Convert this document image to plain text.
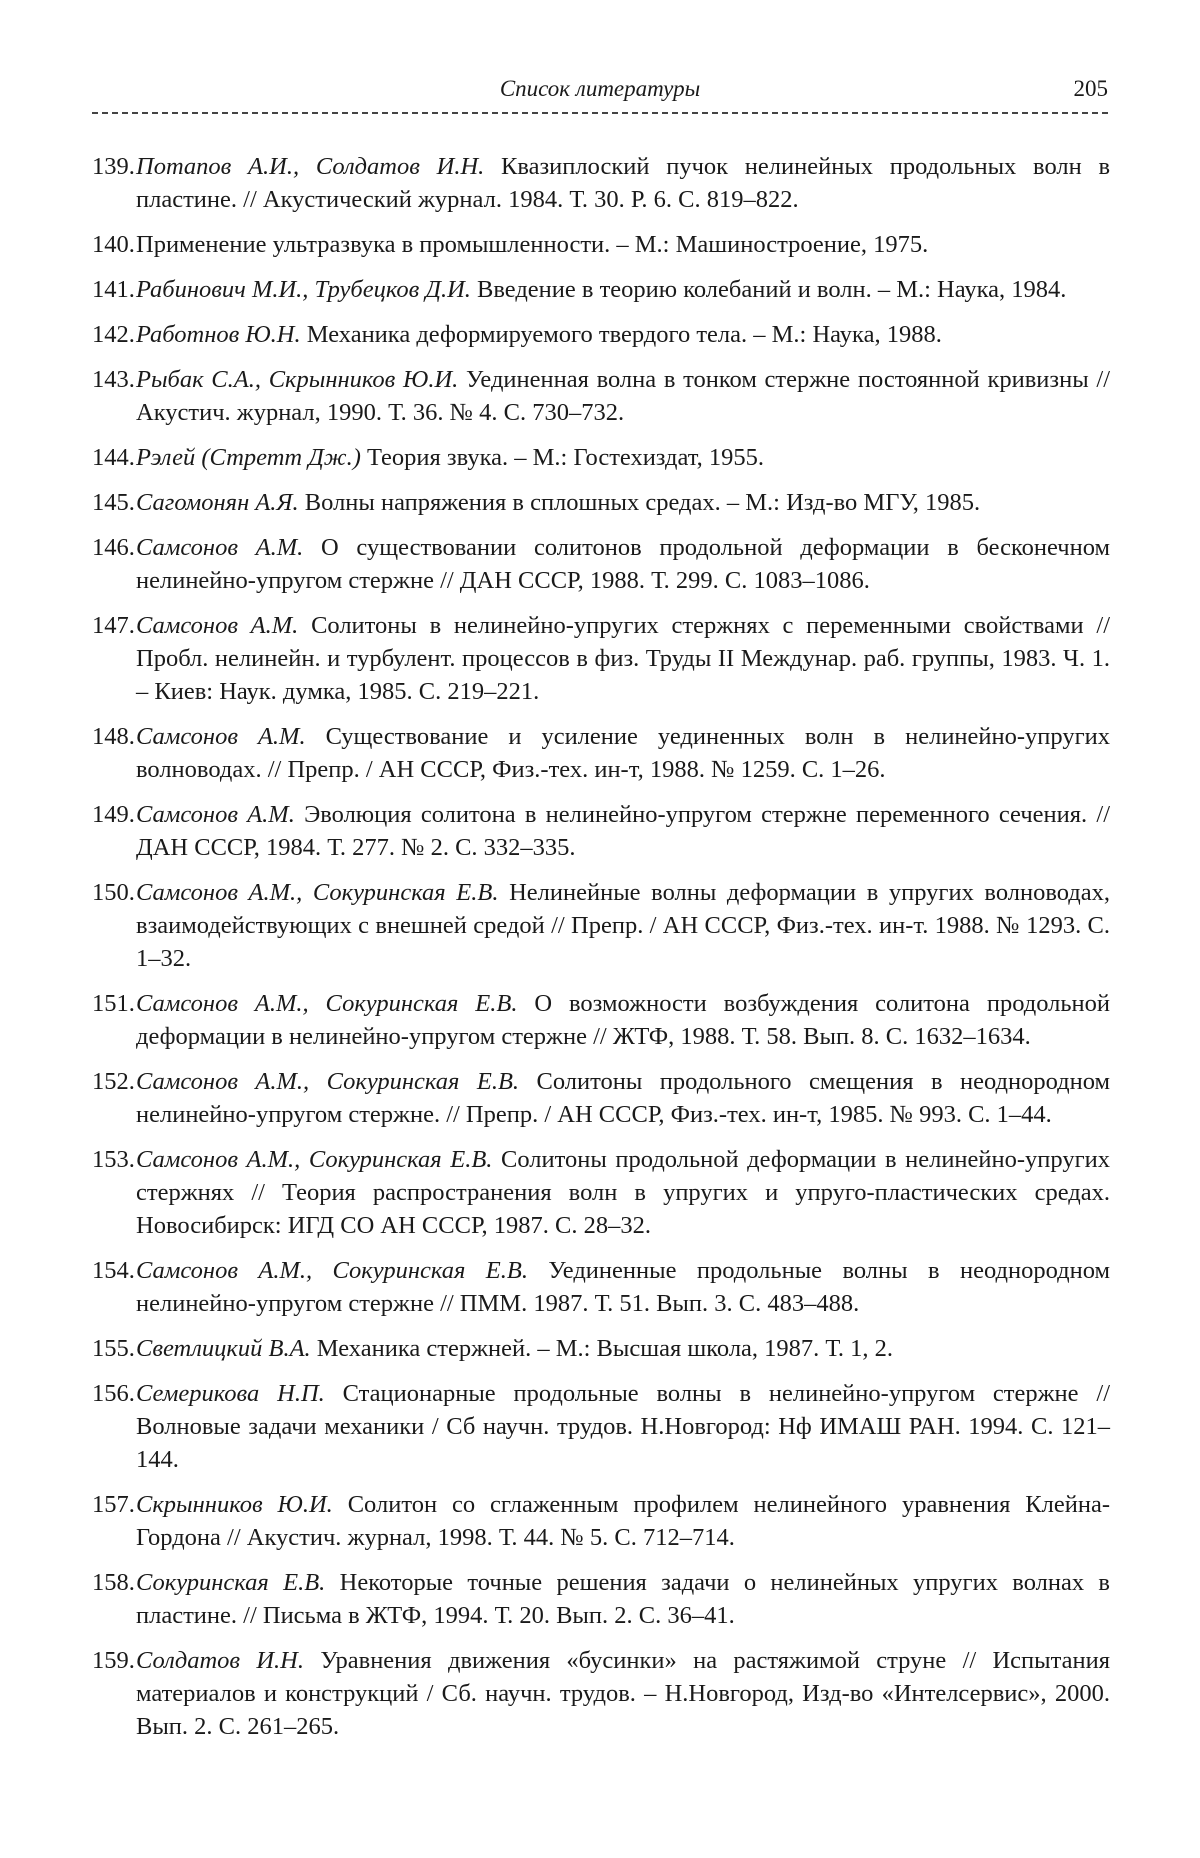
Список литературы	205
139. Потапов А.И., Солдатов И.Н. Квазиплоский пучок нелинейных продольных волн в пластине. // Акустический журнал. 1984. Т. 30. Р. 6. С. 819–822.
140. Применение ультразвука в промышленности. – М.: Машиностроение, 1975.
141. Рабинович М.И., Трубецков Д.И. Введение в теорию колебаний и волн. – М.: Наука, 1984.
142. Работнов Ю.Н. Механика деформируемого твердого тела. – М.: Наука, 1988.
143. Рыбак С.А., Скрынников Ю.И. Уединенная волна в тонком стержне постоянной кривизны // Акустич. журнал, 1990. Т. 36. № 4. С. 730–732.
144. Рэлей (Стретт Дж.) Теория звука. – М.: Гостехиздат, 1955.
145. Сагомонян А.Я. Волны напряжения в сплошных средах. – М.: Изд-во МГУ, 1985.
146. Самсонов А.М. О существовании солитонов продольной деформации в бесконечном нелинейно-упругом стержне // ДАН СССР, 1988. Т. 299. С. 1083–1086.
147. Самсонов А.М. Солитоны в нелинейно-упругих стержнях с переменными свойствами // Пробл. нелинейн. и турбулент. процессов в физ. Труды II Междунар. раб. группы, 1983. Ч. 1. – Киев: Наук. думка, 1985. С. 219–221.
148. Самсонов А.М. Существование и усиление уединенных волн в нелинейно-упругих волноводах. // Препр. / АН СССР, Физ.-тех. ин-т, 1988. № 1259. С. 1–26.
149. Самсонов А.М. Эволюция солитона в нелинейно-упругом стержне переменного сечения. // ДАН СССР, 1984. Т. 277. № 2. С. 332–335.
150. Самсонов А.М., Сокуринская Е.В. Нелинейные волны деформации в упругих волноводах, взаимодействующих с внешней средой // Препр. / АН СССР, Физ.-тех. ин-т. 1988. № 1293. С. 1–32.
151. Самсонов А.М., Сокуринская Е.В. О возможности возбуждения солитона продольной деформации в нелинейно-упругом стержне // ЖТФ, 1988. Т. 58. Вып. 8. С. 1632–1634.
152. Самсонов А.М., Сокуринская Е.В. Солитоны продольного смещения в неоднородном нелинейно-упругом стержне. // Препр. / АН СССР, Физ.-тех. ин-т, 1985. № 993. С. 1–44.
153. Самсонов А.М., Сокуринская Е.В. Солитоны продольной деформации в нелинейно-упругих стержнях // Теория распространения волн в упругих и упруго-пластических средах. Новосибирск: ИГД СО АН СССР, 1987. С. 28–32.
154. Самсонов А.М., Сокуринская Е.В. Уединенные продольные волны в неоднородном нелинейно-упругом стержне // ПММ. 1987. Т. 51. Вып. 3. С. 483–488.
155. Светлицкий В.А. Механика стержней. – М.: Высшая школа, 1987. Т. 1, 2.
156. Семерикова Н.П. Стационарные продольные волны в нелинейно-упругом стержне // Волновые задачи механики / Сб научн. трудов. Н.Новгород: Нф ИМАШ РАН. 1994. С. 121–144.
157. Скрынников Ю.И. Солитон со сглаженным профилем нелинейного уравнения Клейна-Гордона // Акустич. журнал, 1998. Т. 44. № 5. С. 712–714.
158. Сокуринская Е.В. Некоторые точные решения задачи о нелинейных упругих волнах в пластине. // Письма в ЖТФ, 1994. Т. 20. Вып. 2. С. 36–41.
159. Солдатов И.Н. Уравнения движения «бусинки» на растяжимой струне // Испытания материалов и конструкций / Сб. научн. трудов. – Н.Новгород, Изд-во «Интелсервис», 2000. Вып. 2. С. 261–265.
